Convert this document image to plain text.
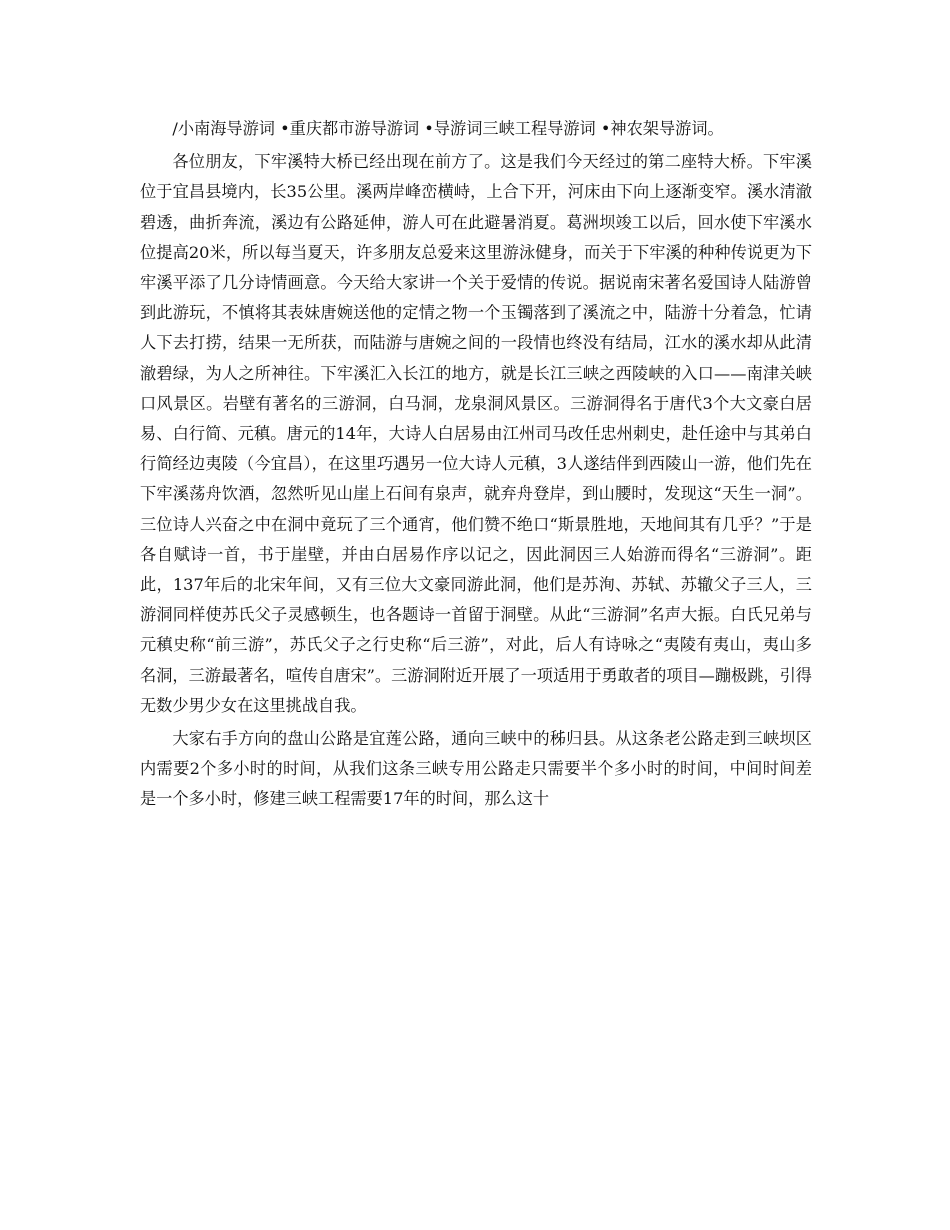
/小南海导游词 •重庆都市游导游词 •导游词三峡工程导游词 •神农架导游词。

各位朋友，下牢溪特大桥已经出现在前方了。这是我们今天经过的第二座特大桥。下牢溪位于宜昌县境内，长35公里。溪两岸峰峦横峙，上合下开，河床由下向上逐渐变窄。溪水清澈碧透，曲折奔流，溪边有公路延伸，游人可在此避暑消夏。葛洲坝竣工以后，回水使下牢溪水位提高20米，所以每当夏天，许多朋友总爱来这里游泳健身，而关于下牢溪的种种传说更为下牢溪平添了几分诗情画意。今天给大家讲一个关于爱情的传说。据说南宋著名爱国诗人陆游曾到此游玩，不慎将其表妹唐婉送他的定情之物一个玉镯落到了溪流之中，陆游十分着急，忙请人下去打捞，结果一无所获，而陆游与唐婉之间的一段情也终没有结局，江水的溪水却从此清澈碧绿，为人之所神往。下牢溪汇入长江的地方，就是长江三峡之西陵峡的入口——南津关峡口风景区。岩壁有著名的三游洞，白马洞，龙泉洞风景区。三游洞得名于唐代3个大文豪白居易、白行简、元稹。唐元的14年，大诗人白居易由江州司马改任忠州刺史，赴任途中与其弟白行简经边夷陵（今宜昌），在这里巧遇另一位大诗人元稹，3人遂结伴到西陵山一游，他们先在下牢溪荡舟饮酒，忽然听见山崖上石间有泉声，就弃舟登岸，到山腰时，发现这“天生一洞”。三位诗人兴奋之中在洞中竟玩了三个通宵，他们赞不绝口“斯景胜地，天地间其有几乎？”于是各自赋诗一首，书于崖壁，并由白居易作序以记之，因此洞因三人始游而得名“三游洞”。距此，137年后的北宋年间，又有三位大文豪同游此洞，他们是苏洵、苏轼、苏辙父子三人，三游洞同样使苏氏父子灵感顿生，也各题诗一首留于洞壁。从此“三游洞”名声大振。白氏兄弟与元稹史称“前三游”，苏氏父子之行史称“后三游”，对此，后人有诗咏之“夷陵有夷山，夷山多名洞，三游最著名，喧传自唐宋”。三游洞附近开展了一项适用于勇敢者的项目—蹦极跳，引得无数少男少女在这里挑战自我。

大家右手方向的盘山公路是宜莲公路，通向三峡中的秭归县。从这条老公路走到三峡坝区内需要2个多小时的时间，从我们这条三峡专用公路走只需要半个多小时的时间，中间时间差是一个多小时，修建三峡工程需要17年的时间，那么这十
